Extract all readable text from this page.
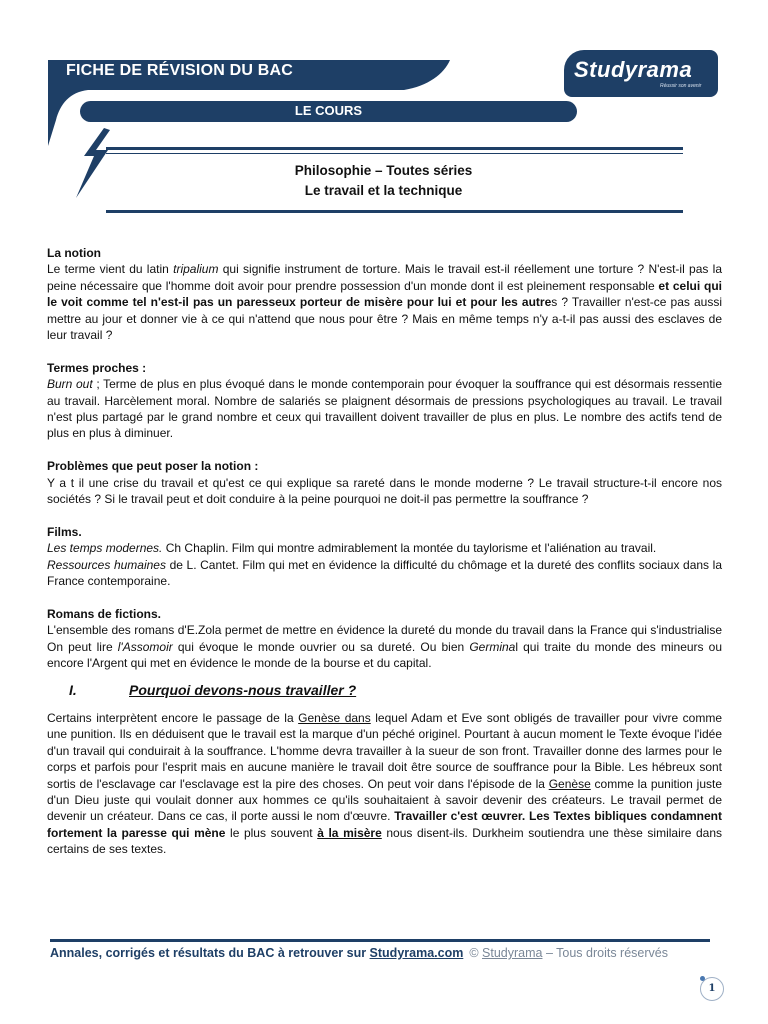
FICHE DE RÉVISION DU BAC	Studyrama
Réussir son avenir
LE COURS
Philosophie – Toutes séries
Le travail et la technique

La notion

Le terme vient du latin tripalium qui signifie instrument de torture. Mais le travail est-il réellement une torture ? N'est-il pas la peine nécessaire que l'homme doit avoir pour prendre possession d'un monde dont il est pleinement responsable et celui qui le voit comme tel n'est-il pas un paresseux porteur de misère pour lui et pour les autres ? Travailler n'est-ce pas aussi mettre au jour et donner vie à ce qui n'attend que nous pour être ? Mais en même temps n'y a-t-il pas aussi des esclaves de leur travail ?

Termes proches :

Burn out ; Terme de plus en plus évoqué dans le monde contemporain pour évoquer la souffrance qui est désormais ressentie au travail. Harcèlement moral. Nombre de salariés se plaignent désormais de pressions psychologiques au travail. Le travail n'est plus partagé par le grand nombre et ceux qui travaillent doivent travailler de plus en plus. Le nombre des actifs tend de plus en plus à diminuer.

Problèmes que peut poser la notion :

Y a t il une crise du travail et qu'est ce qui explique sa rareté dans le monde moderne ? Le travail structure-t-il encore nos sociétés ? Si le travail peut et doit conduire à la peine pourquoi ne doit-il pas permettre la souffrance ?

Films.

Les temps modernes. Ch Chaplin. Film qui montre admirablement la montée du taylorisme et l'aliénation au travail.

Ressources humaines de L. Cantet. Film qui met en évidence la difficulté du chômage et la dureté des conflits sociaux dans la France contemporaine.

Romans de fictions.

L'ensemble des romans d'E.Zola permet de mettre en évidence la dureté du monde du travail dans la France qui s'industrialise On peut lire l'Assomoir qui évoque le monde ouvrier ou sa dureté. Ou bien Germinal qui traite du monde des mineurs ou encore l'Argent qui met en évidence le monde de la bourse et du capital.

I.	Pourquoi devons-nous travailler ?

Certains interprètent encore le passage de la Genèse dans lequel Adam et Eve sont obligés de travailler pour vivre comme une punition. Ils en déduisent que le travail est la marque d'un péché originel. Pourtant à aucun moment le Texte évoque l'idée d'un travail qui conduirait à la souffrance. L'homme devra travailler à la sueur de son front. Travailler donne des larmes pour le corps et parfois pour l'esprit mais en aucune manière le travail doit être source de souffrance pour la Bible. Les hébreux sont sortis de l'esclavage car l'esclavage est la pire des choses. On peut voir dans l'épisode de la Genèse comme la punition juste d'un Dieu juste qui voulait donner aux hommes ce qu'ils souhaitaient à savoir devenir des créateurs. Le travail permet de devenir un créateur. Dans ce cas, il porte aussi le nom d'œuvre. Travailler c'est œuvrer. Les Textes bibliques condamnent fortement la paresse qui mène le plus souvent à la misère nous disent-ils. Durkheim soutiendra une thèse similaire dans certains de ses textes.

Annales, corrigés et résultats du BAC à retrouver sur Studyrama.com © Studyrama – Tous droits réservés
1
